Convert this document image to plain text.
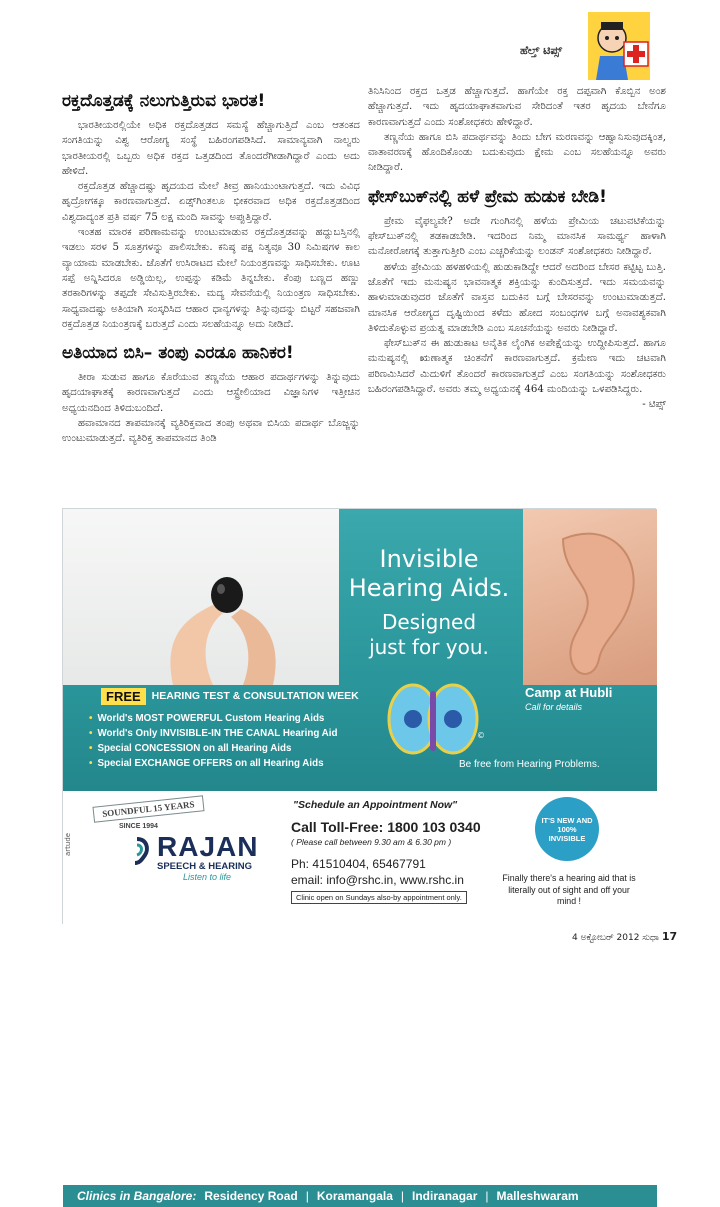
ಹೆಲ್ತ್ ಟಿಪ್ಸ್
ರಕ್ತದೊತ್ತಡಕ್ಕೆ ನಲುಗುತ್ತಿರುವ ಭಾರತ!

ಭಾರತೀಯರಲ್ಲಿಯೇ ಅಧಿಕ ರಕ್ತದೊತ್ತಡದ ಸಮಸ್ಯೆ ಹೆಚ್ಚಾಗುತ್ತಿದೆ ಎಂಬ ಆತಂಕದ ಸಂಗತಿಯನ್ನು ವಿಶ್ವ ಆರೋಗ್ಯ ಸಂಸ್ಥೆ ಬಹಿರಂಗಪಡಿಸಿದೆ. ಸಾಮಾನ್ಯವಾಗಿ ನಾಲ್ವರು ಭಾರತೀಯರಲ್ಲಿ ಒಬ್ಬರು ಅಧಿಕ ರಕ್ತದ ಒತ್ತಡದಿಂದ ತೊಂದರೆಗೀಡಾಗಿದ್ದಾರೆ ಎಂದು ಅದು ಹೇಳಿದೆ.

ರಕ್ತದೊತ್ತಡ ಹೆಚ್ಚಾದಷ್ಟು ಹೃದಯದ ಮೇಲೆ ತೀವ್ರ ಹಾನಿಯುಂಟಾಗುತ್ತದೆ. ಇದು ವಿವಿಧ ಹೃದ್ರೋಗಕ್ಕೂ ಕಾರಣವಾಗುತ್ತದೆ. ಏಡ್ಸ್‌ಗಿಂತಲೂ ಭೀಕರವಾದ ಅಧಿಕ ರಕ್ತದೊತ್ತಡದಿಂದ ವಿಶ್ವದಾದ್ಯಂತ ಪ್ರತಿ ವರ್ಷ 75 ಲಕ್ಷ ಮಂದಿ ಸಾವನ್ನು ಅಪ್ಪುತ್ತಿದ್ದಾರೆ.

ಇಂತಹ ಮಾರಕ ಪರಿಣಾಮವನ್ನು ಉಂಟುಮಾಡುವ ರಕ್ತದೊತ್ತಡವನ್ನು ಹದ್ದುಬಸ್ತಿನಲ್ಲಿ ಇಡಲು ಸರಳ 5 ಸೂತ್ರಗಳನ್ನು ಪಾಲಿಸಬೇಕು. ಕನಿಷ್ಠ ಪಕ್ಷ ನಿತ್ಯವೂ 30 ನಿಮಿಷಗಳ ಕಾಲ ವ್ಯಾಯಾಮ ಮಾಡಬೇಕು. ಜೊತೆಗೆ ಉಸಿರಾಟದ ಮೇಲೆ ನಿಯಂತ್ರಣವನ್ನು ಸಾಧಿಸಬೇಕು. ಊಟ ಸಪ್ಪೆ ಅನ್ನಿಸಿದರೂ ಅಡ್ಡಿಯಿಲ್ಲ, ಉಪ್ಪನ್ನು ಕಡಿಮೆ ತಿನ್ನಬೇಕು. ಕೆಂಪು ಬಣ್ಣದ ಹಣ್ಣು ತರಕಾರಿಗಳನ್ನು ತಪ್ಪದೇ ಸೇವಿಸುತ್ತಿರಬೇಕು. ಮದ್ಯ ಸೇವನೆಯಲ್ಲಿ ನಿಯಂತ್ರಣ ಸಾಧಿಸಬೇಕು. ಸಾಧ್ಯವಾದಷ್ಟು ಅತಿಯಾಗಿ ಸಂಸ್ಕರಿಸಿದ ಆಹಾರ ಧಾನ್ಯಗಳನ್ನು ತಿನ್ನುವುದನ್ನು ಬಿಟ್ಟರೆ ಸಹಜವಾಗಿ ರಕ್ತದೊತ್ತಡ ನಿಯಂತ್ರಣಕ್ಕೆ ಬರುತ್ತದೆ ಎಂದು ಸಲಹೆಯನ್ನೂ ಅದು ನೀಡಿದೆ.

ಅತಿಯಾದ ಬಿಸಿ– ತಂಪು ಎರಡೂ ಹಾನಿಕರ!

ತೀರಾ ಸುಡುವ ಹಾಗೂ ಕೊರೆಯುವ ತಣ್ಣನೆಯ ಆಹಾರ ಪದಾರ್ಥಗಳನ್ನು ತಿನ್ನುವುದು ಹೃದಯಾಘಾತಕ್ಕೆ ಕಾರಣವಾಗುತ್ತದೆ ಎಂದು ಆಸ್ಟ್ರೇಲಿಯಾದ ವಿಜ್ಞಾನಿಗಳ ಇತ್ತೀಚಿನ ಅಧ್ಯಯನದಿಂದ ತಿಳಿದುಬಂದಿದೆ.

ಹವಾಮಾನದ ತಾಪಮಾನಕ್ಕೆ ವ್ಯತಿರಿಕ್ತವಾದ ತಂಪು ಅಥವಾ ಬಿಸಿಯ ಪದಾರ್ಥ ಬೊಜ್ಜನ್ನು ಉಂಟುಮಾಡುತ್ತದೆ. ವ್ಯತಿರಿಕ್ತ ತಾಪಮಾನದ ತಿಂಡಿ

ತಿನಿಸಿನಿಂದ ರಕ್ತದ ಒತ್ತಡ ಹೆಚ್ಚಾಗುತ್ತದೆ. ಹಾಗೆಯೇ ರಕ್ತ ದಪ್ಪವಾಗಿ ಕೊಬ್ಬಿನ ಅಂಶ ಹೆಚ್ಚಾಗುತ್ತದೆ. ಇದು ಹೃದಯಾಘಾತವಾಗುವ ಸೇರಿದಂತೆ ಇತರ ಹೃದಯ ಬೇನೆಗೂ ಕಾರಣವಾಗುತ್ತದೆ ಎಂದು ಸಂಶೋಧಕರು ಹೇಳಿದ್ದಾರೆ.

ತಣ್ಣನೆಯ ಹಾಗೂ ಬಿಸಿ ಪದಾರ್ಥವನ್ನು ತಿಂದು ಬೇಗ ಮರಣವನ್ನು ಆಹ್ವಾನಿಸುವುದಕ್ಕಿಂತ, ವಾತಾವರಣಕ್ಕೆ ಹೊಂದಿಕೊಂಡು ಬದುಕುವುದು ಕ್ಷೇಮ ಎಂಬ ಸಲಹೆಯನ್ನೂ ಅವರು ನೀಡಿದ್ದಾರೆ.

ಫೇಸ್‌ಬುಕ್‌ನಲ್ಲಿ ಹಳೆ ಪ್ರೇಮ ಹುಡುಕ ಬೇಡಿ!

ಪ್ರೇಮ ವೈಫಲ್ಯವೇ? ಅದೇ ಗುಂಗಿನಲ್ಲಿ ಹಳೆಯ ಪ್ರೇಮಿಯ ಚಟುವಟಿಕೆಯನ್ನು ಫೇಸ್‌ಬುಕ್‌ನಲ್ಲಿ ತಡಕಾಡಬೇಡಿ. ಇದರಿಂದ ನಿಮ್ಮ ಮಾನಸಿಕ ಸಾಮರ್ಥ್ಯ ಹಾಳಾಗಿ ಮನೋರೋಗಕ್ಕೆ ತುತ್ತಾಗುತ್ತೀರಿ ಎಂಬ ಎಚ್ಚರಿಕೆಯನ್ನು ಲಂಡನ್ ಸಂಶೋಧಕರು ನೀಡಿದ್ದಾರೆ.

ಹಳೆಯ ಪ್ರೇಮಿಯ ಹಳಹಳಿಯಲ್ಲಿ ಹುಡುಕಾಡಿದ್ದೇ ಆದರೆ ಅದರಿಂದ ಬೇಸರ ಕಟ್ಟಿಟ್ಟ ಬುತ್ತಿ. ಜೊತೆಗೆ ಇದು ಮನುಷ್ಯನ ಭಾವನಾತ್ಮಕ ಶಕ್ತಿಯನ್ನು ಕುಂದಿಸುತ್ತದೆ. ಇದು ಸಮಯವನ್ನು ಹಾಳುಮಾಡುವುದರ ಜೊತೆಗೆ ವಾಸ್ತವ ಬದುಕಿನ ಬಗ್ಗೆ ಬೇಸರವನ್ನು ಉಂಟುಮಾಡುತ್ತದೆ. ಮಾನಸಿಕ ಆರೋಗ್ಯದ ದೃಷ್ಟಿಯಿಂದ ಕಳೆದು ಹೋದ ಸಂಬಂಧಗಳ ಬಗ್ಗೆ ಅನಾವಶ್ಯಕವಾಗಿ ತಿಳಿದುಕೊಳ್ಳುವ ಪ್ರಯತ್ನ ಮಾಡಬೇಡಿ ಎಂಬ ಸೂಚನೆಯನ್ನು ಅವರು ನೀಡಿದ್ದಾರೆ.

ಫೇಸ್‌ಬುಕ್‌ನ ಈ ಹುಡುಕಾಟ ಅನೈತಿಕ ಲೈಂಗಿಕ ಅಪೇಕ್ಷೆಯನ್ನು ಉದ್ದೀಪಿಸುತ್ತದೆ. ಹಾಗೂ ಮನುಷ್ಯನಲ್ಲಿ ಋಣಾತ್ಮಕ ಚಿಂತನೆಗೆ ಕಾರಣವಾಗುತ್ತದೆ. ಕ್ರಮೇಣ ಇದು ಚಟವಾಗಿ ಪರಿಣಮಿಸಿದರೆ ಮಿದುಳಿಗೆ ತೊಂದರೆ ಕಾರಣವಾಗುತ್ತದೆ ಎಂಬ ಸಂಗತಿಯನ್ನು ಸಂಶೋಧಕರು ಬಹಿರಂಗಪಡಿಸಿದ್ದಾರೆ. ಅವರು ತಮ್ಮ ಅಧ್ಯಯನಕ್ಕೆ 464 ಮಂದಿಯನ್ನು ಒಳಪಡಿಸಿದ್ದರು.

- ಟಿಪ್ಸ್
Invisible
Hearing Aids.
Designed
just for you.
FREE	HEARING TEST & CONSULTATION WEEK
• World's MOST POWERFUL Custom Hearing Aids
• World's Only INVISIBLE-IN THE CANAL Hearing Aid
• Special CONCESSION on all Hearing Aids
• Special EXCHANGE OFFERS on all Hearing Aids
©
Camp at Hubli
Call for details
Be free from Hearing Problems.
SOUNDFUL 15 YEARS
SINCE 1994
RAJAN
SPEECH & HEARING
Listen to life
"Schedule an Appointment Now"
Call Toll-Free: 1800 103 0340
( Please call between 9.30 am & 6.30 pm )
Ph: 41510404, 65467791
email: info@rshc.in, www.rshc.in
Clinic open on Sundays also-by appointment only.
IT'S NEW AND 100% INVISIBLE
Finally there's a hearing aid that is literally out of sight and off your mind !
Clinics in Bangalore: Residency Road | Koramangala | Indiranagar | Malleshwaram
artude
4 ಅಕ್ಟೋಬರ್ 2012 ಸುಧಾ 17
